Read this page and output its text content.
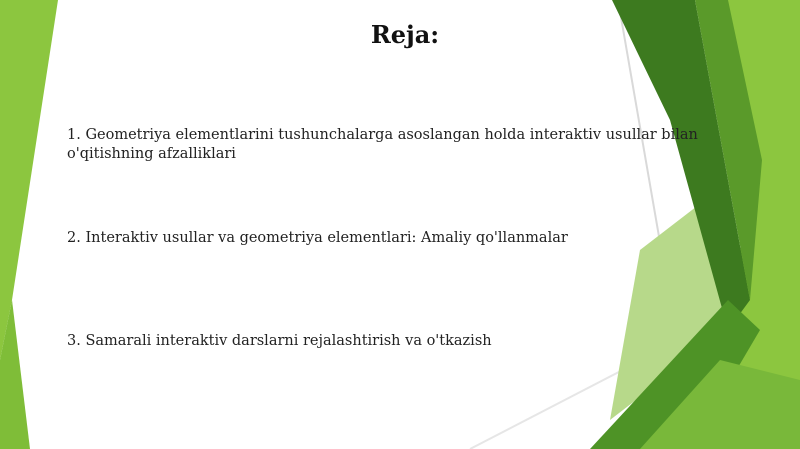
Reja:

1. Geometriya elementlarini tushunchalarga asoslangan holda interaktiv usullar bilan
o'qitishning afzalliklari

2. Interaktiv usullar va geometriya elementlari: Amaliy qo'llanmalar

3. Samarali interaktiv darslarni rejalashtirish va o'tkazish
